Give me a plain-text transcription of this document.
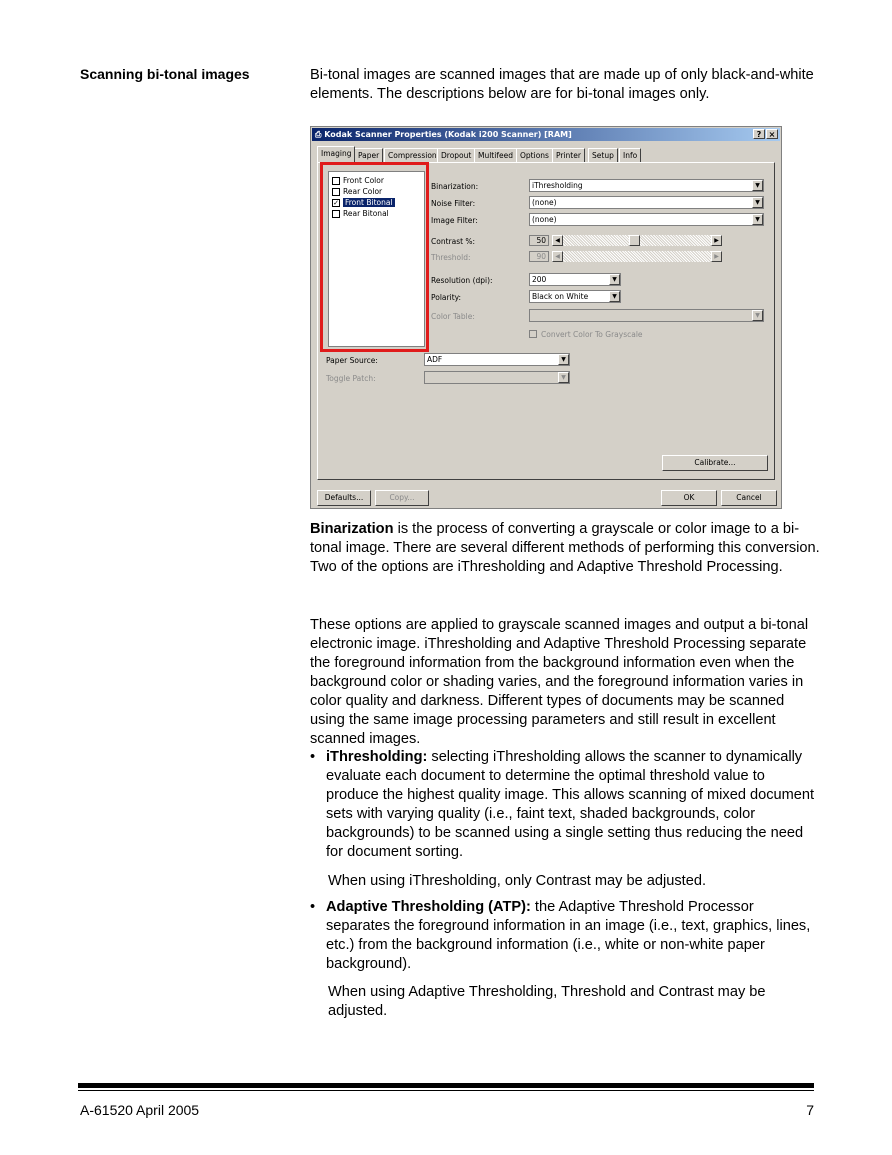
Scanning bi-tonal images	Bi-tonal images are scanned images that are made up of only black-and-white elements. The descriptions below are for bi-tonal images only.
⎙ Kodak Scanner Properties (Kodak i200 Scanner) [RAM]	? ×
Imaging Paper	Compression Dropout Multifeed Options Printer	Setup	Info
Front Color
Rear Color
✓ Front Bitonal
Rear Bitonal
Binarization:	iThresholding	▼
Noise Filter:	(none)	▼
Image Filter:	(none)	▼
Contrast %:	50	◀	▶
Threshold:	90	◀	▶
Resolution (dpi):	200	▼
Polarity:	Black on White	▼
Color Table:	▼
Convert Color To Grayscale
Paper Source:	ADF	▼
Toggle Patch:	▼
Calibrate...
Defaults...	Copy...	OK	Cancel
Binarization is the process of converting a grayscale or color image to a bi-tonal image. There are several different methods of performing this conversion. Two of the options are iThresholding and Adaptive Threshold Processing.
These options are applied to grayscale scanned images and output a bi-tonal electronic image. iThresholding and Adaptive Threshold Processing separate the foreground information from the background information even when the background color or shading varies, and the foreground information varies in color quality and darkness. Different types of documents may be scanned using the same image processing parameters and still result in excellent scanned images.
• iThresholding: selecting iThresholding allows the scanner to dynamically evaluate each document to determine the optimal threshold value to produce the highest quality image. This allows scanning of mixed document sets with varying quality (i.e., faint text, shaded backgrounds, color backgrounds) to be scanned using a single setting thus reducing the need for document sorting.
When using iThresholding, only Contrast may be adjusted.
• Adaptive Thresholding (ATP): the Adaptive Threshold Processor separates the foreground information in an image (i.e., text, graphics, lines, etc.) from the background information (i.e., white or non-white paper background).
When using Adaptive Thresholding, Threshold and Contrast may be adjusted.
A-61520 April 2005	7
